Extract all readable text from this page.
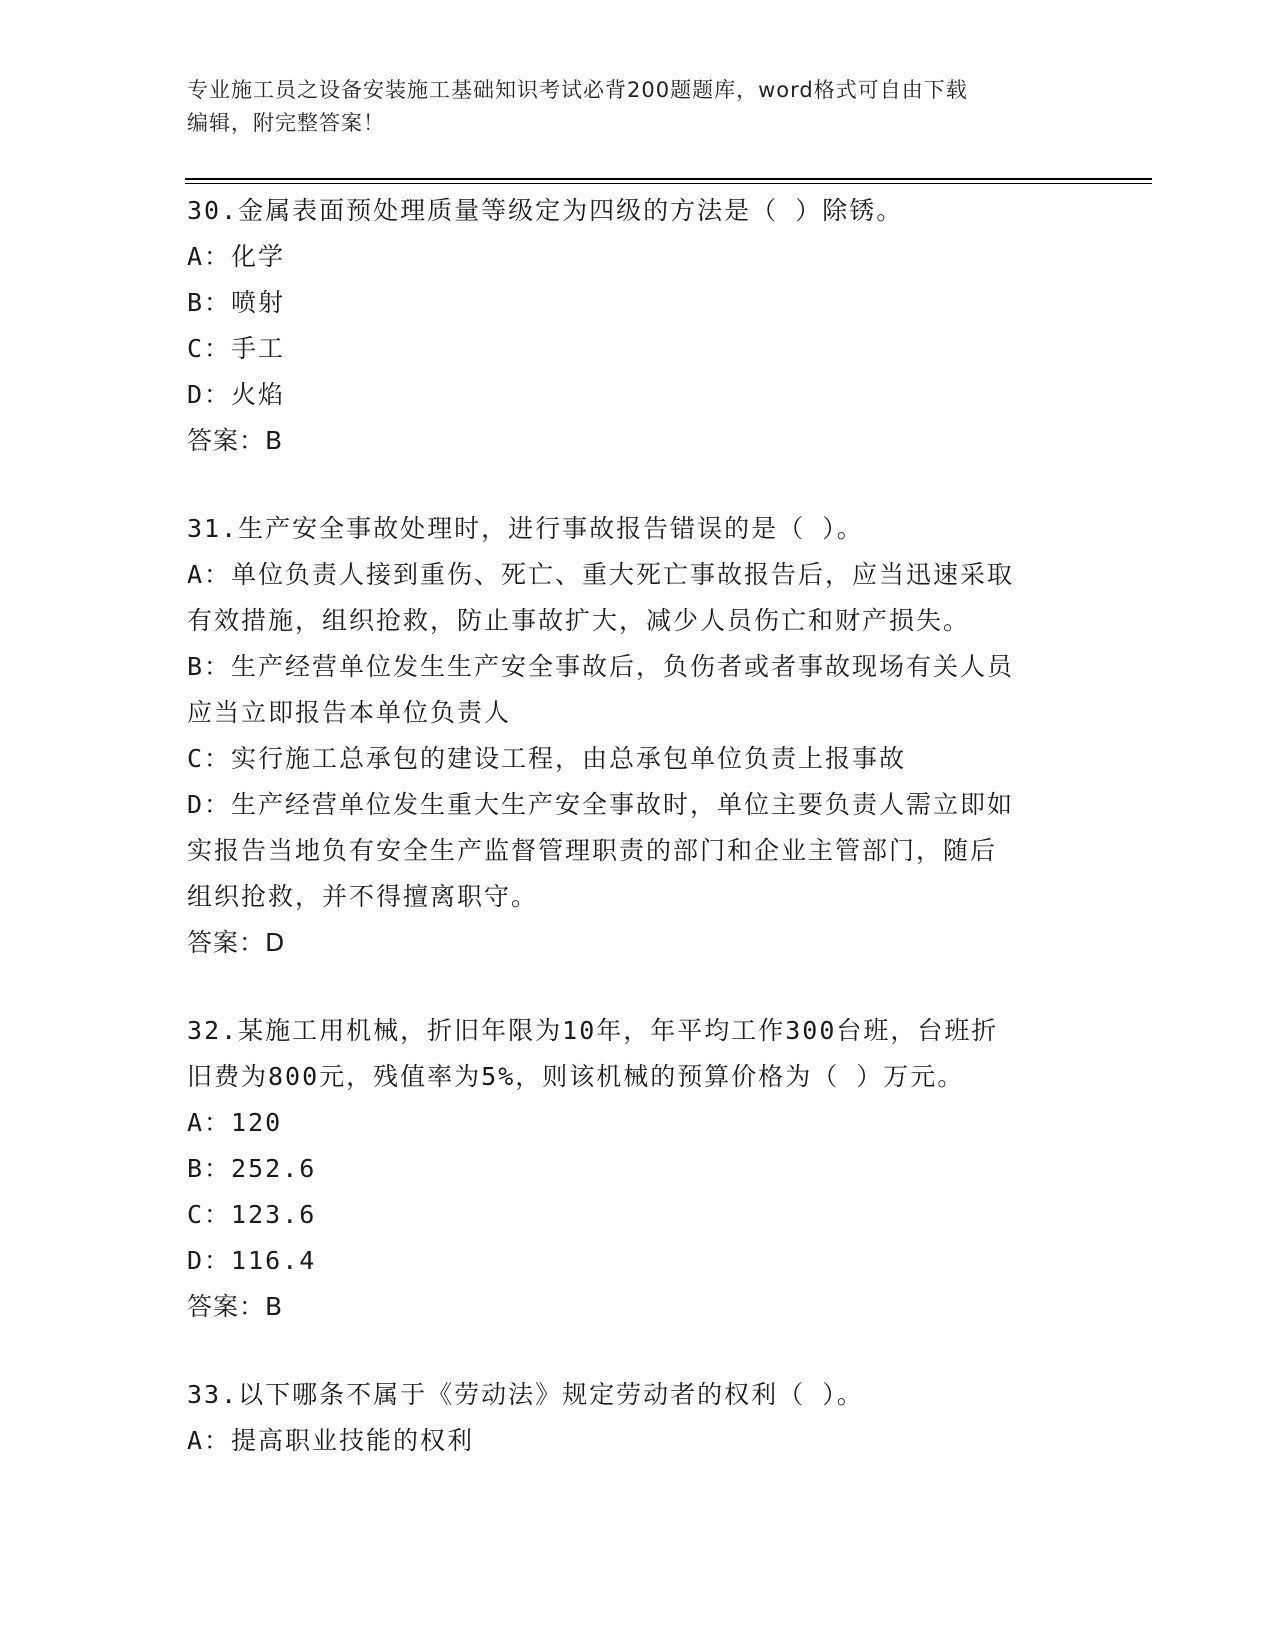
专业施工员之设备安装施工基础知识考试必背200题题库，word格式可自由下载
编辑，附完整答案！
30.金属表面预处理质量等级定为四级的方法是（ ）除锈。
A：化学
B：喷射
C：手工
D：火焰
答案：B
31.生产安全事故处理时，进行事故报告错误的是（ ）。
A：单位负责人接到重伤、死亡、重大死亡事故报告后，应当迅速采取
有效措施，组织抢救，防止事故扩大，减少人员伤亡和财产损失。
B：生产经营单位发生生产安全事故后，负伤者或者事故现场有关人员
应当立即报告本单位负责人
C：实行施工总承包的建设工程，由总承包单位负责上报事故
D：生产经营单位发生重大生产安全事故时，单位主要负责人需立即如
实报告当地负有安全生产监督管理职责的部门和企业主管部门，随后
组织抢救，并不得擅离职守。
答案：D
32.某施工用机械，折旧年限为10年，年平均工作300台班，台班折
旧费为800元，残值率为5%，则该机械的预算价格为（ ）万元。
A：120
B：252.6
C：123.6
D：116.4
答案：B
33.以下哪条不属于《劳动法》规定劳动者的权利（ ）。
A：提高职业技能的权利
